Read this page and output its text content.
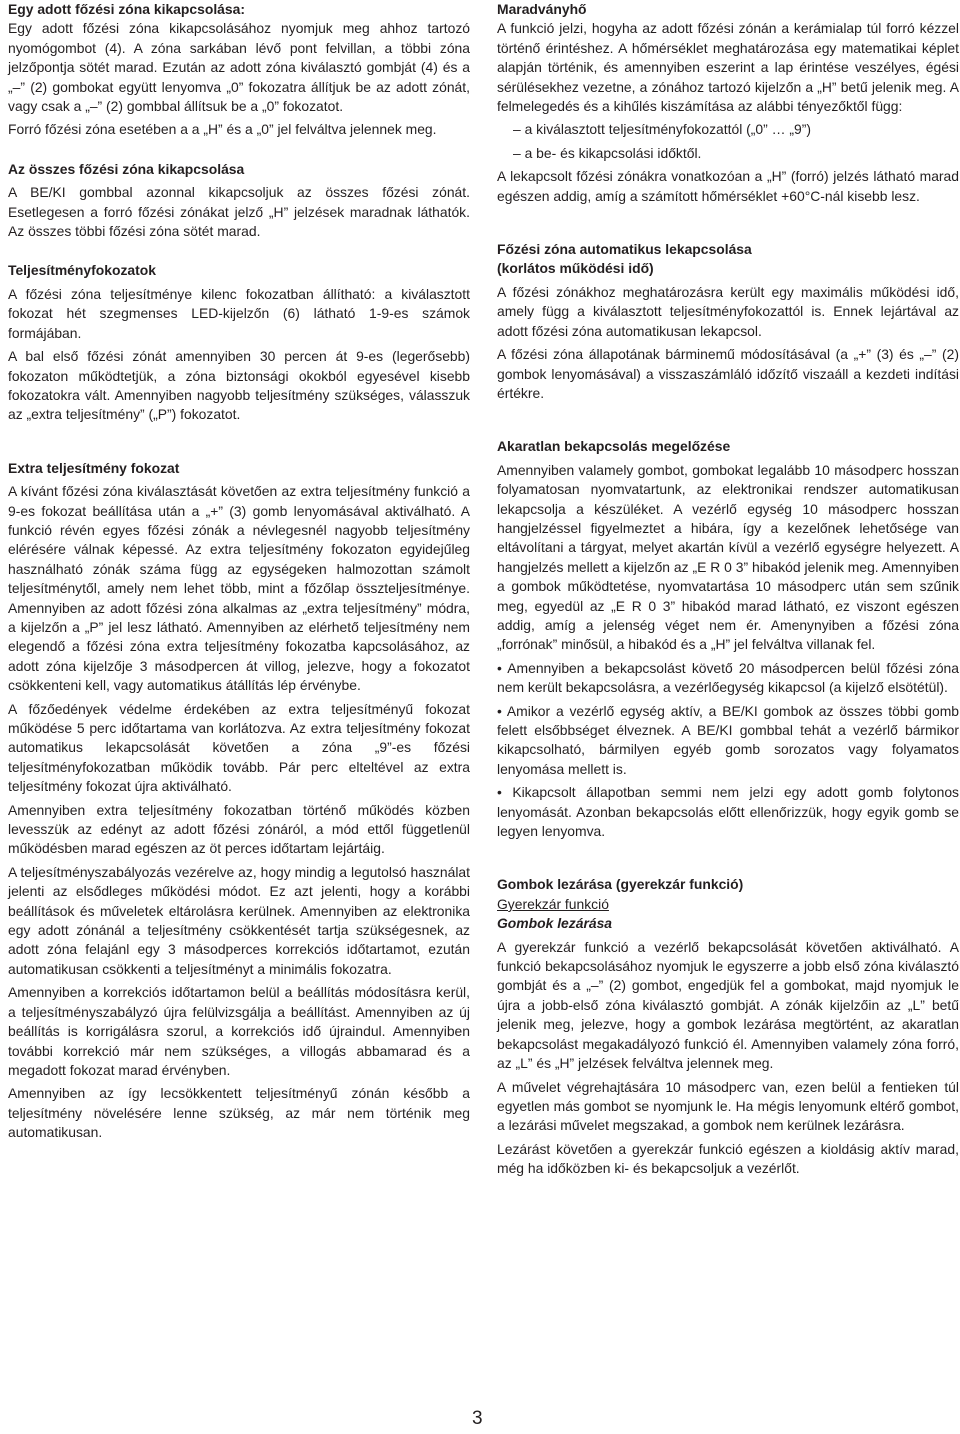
Egy adott főzési zóna kikapcsolása:

Egy adott főzési zóna kikapcsolásához nyomjuk meg ahhoz tartozó nyomógombot (4). A zóna sarkában lévő pont felvillan, a többi zóna jelzőpontja sötét marad. Ezután az adott zóna kiválasztó gombját (4) és a „–” (2) gombokat együtt lenyomva „0” fokozatra állítjuk be az adott zónát, vagy csak a „–” (2) gombbal állítsuk be a „0” fokozatot.

Forró főzési zóna esetében a a „H” és a „0” jel felváltva jelennek meg.

Az összes főzési zóna kikapcsolása

A BE/KI gombbal azonnal kikapcsoljuk az összes főzési zónát. Esetlegesen a forró főzési zónákat jelző „H” jelzések maradnak láthatók. Az összes többi főzési zóna sötét marad.

Teljesítményfokozatok

A főzési zóna teljesítménye kilenc fokozatban állítható: a kiválasztott fokozat hét szegmenses LED-kijelzőn (6) látható 1-9-es számok formájában.

A bal első főzési zónát amennyiben 30 percen át 9-es (legerősebb) fokozaton működtetjük, a zóna biztonsági okokból egyesével kisebb fokozatokra vált. Amennyiben nagyobb teljesítmény szükséges, válasszuk az „extra teljesítmény” („P”) fokozatot.

Extra teljesítmény fokozat

A kívánt főzési zóna kiválasztását követően az extra teljesítmény funkció a 9-es fokozat beállítása után a „+” (3) gomb lenyomásával aktiválható. A funkció révén egyes főzési zónák a névlegesnél nagyobb teljesítmény elérésére válnak képessé. Az extra teljesítmény fokozaton egyidejűleg használható zónák száma függ az egységeken halmozottan számolt teljesítménytől, amely nem lehet több, mint a főzőlap összteljesítménye. Amennyiben az adott főzési zóna alkalmas az „extra teljesítmény” módra, a kijelzőn a „P” jel lesz látható. Amennyiben az elérhető teljesítmény nem elegendő a főzési zóna extra teljesítmény fokozatba kapcsolásához, az adott zóna kijelzője 3 másodpercen át villog, jelezve, hogy a fokozatot csökkenteni kell, vagy automatikus átállítás lép érvénybe.

A főzőedények védelme érdekében az extra teljesítményű fokozat működése 5 perc időtartama van korlátozva. Az extra teljesítmény fokozat automatikus lekapcsolását követően a zóna „9”-es főzési teljesítményfokozatban működik tovább. Pár perc elteltével az extra teljesítmény fokozat újra aktiválható.

Amennyiben extra teljesítmény fokozatban történő működés közben levesszük az edényt az adott főzési zónáról, a mód ettől függetlenül működésben marad egészen az öt perces időtartam lejártáig.

A teljesítményszabályozás vezérelve az, hogy mindig a legutolsó használat jelenti az elsődleges működési módot. Ez azt jelenti, hogy a korábbi beállítások és műveletek eltárolásra kerülnek. Amennyiben az elektronika egy adott zónánál a teljesítmény csökkentését tartja szükségesnek, az adott zóna felajánl egy 3 másodperces korrekciós időtartamot, ezután automatikusan csökkenti a teljesítményt a minimális fokozatra.

Amennyiben a korrekciós időtartamon belül a beállítás módosításra kerül, a teljesítményszabályzó újra felülvizsgálja a beállítást. Amennyiben az új beállítás is korrigálásra szorul, a korrekciós idő újraindul. Amennyiben további korrekció már nem szükséges, a villogás abbamarad és a megadott fokozat marad érvényben.

Amennyiben az így lecsökkentett teljesítményű zónán később a teljesítmény növelésére lenne szükség, az már nem történik meg automatikusan.

Maradványhő

A funkció jelzi, hogyha az adott főzési zónán a kerámialap túl forró kézzel történő érintéshez. A hőmérséklet meghatározása egy matematikai képlet alapján történik, és amennyiben eszerint a lap érintése veszélyes, égési sérülésekhez vezetne, a zónához tartozó kijelzőn a „H” betű jelenik meg. A felmelegedés és a kihűlés kiszámítása az alábbi tényezőktől függ:

– a kiválasztott teljesítményfokozattól („0” … „9”)

– a be- és kikapcsolási időktől.

A lekapcsolt főzési zónákra vonatkozóan a „H” (forró) jelzés látható marad egészen addig, amíg a számított hőmérséklet +60°C-nál kisebb lesz.

Főzési zóna automatikus lekapcsolása

(korlátos működési idő)

A főzési zónákhoz meghatározásra került egy maximális működési idő, amely függ a kiválasztott teljesítményfokozattól is. Ennek lejártával az adott főzési zóna automatikusan lekapcsol.

A főzési zóna állapotának bárminemű módosításával (a „+” (3) és „–” (2) gombok lenyomásával) a visszaszámláló időzítő viszaáll a kezdeti indítási értékre.

Akaratlan bekapcsolás megelőzése

Amennyiben valamely gombot, gombokat legalább 10 másodperc hosszan folyamatosan nyomvatartunk, az elektronikai rendszer automatikusan lekapcsolja a készüléket. A vezérlő egység 10 másodperc hosszan hangjelzéssel figyelmeztet a hibára, így a kezelőnek lehetősége van eltávolítani a tárgyat, melyet akartán kívül a vezérlő egységre helyezett. A hangjelzés mellett a kijelzőn az „E R 0 3” hibakód jelenik meg. Amennyiben a gombok működtetése, nyomvatartása 10 másodperc után sem szűnik meg, egyedül az „E R 0 3” hibakód marad látható, ez viszont egészen addig, amíg a jelenség véget nem ér. Amenynyiben a főzési zóna „forrónak” minősül, a hibakód és a „H” jel felváltva villanak fel.

• Amennyiben a bekapcsolást követő 20 másodpercen belül főzési zóna nem került bekapcsolásra, a vezérlőegység kikapcsol (a kijelző elsötétül).

• Amikor a vezérlő egység aktív, a BE/KI gombok az összes többi gomb felett elsőbbséget élveznek. A BE/KI gombbal tehát a vezérlő bármikor kikapcsolható, bármilyen egyéb gomb sorozatos vagy folyamatos lenyomása mellett is.

• Kikapcsolt állapotban semmi nem jelzi egy adott gomb folytonos lenyomását. Azonban bekapcsolás előtt ellenőrizzük, hogy egyik gomb se legyen lenyomva.

Gombok lezárása (gyerekzár funkció)

Gyerekzár funkció

Gombok lezárása

A gyerekzár funkció a vezérlő bekapcsolását követően aktiválható. A funkció bekapcsolásához nyomjuk le egyszerre a jobb első zóna kiválasztó gombját és a „–” (2) gombot, engedjük fel a gombokat, majd nyomjuk le újra a jobb-első zóna kiválasztó gombját. A zónák kijelzőin az „L” betű jelenik meg, jelezve, hogy a gombok lezárása megtörtént, az akaratlan bekapcsolást megakadályozó funkció él. Amennyiben valamely zóna forró, az „L” és „H” jelzések felváltva jelennek meg.

A művelet végrehajtására 10 másodperc van, ezen belül a fentieken túl egyetlen más gombot se nyomjunk le. Ha mégis lenyomunk eltérő gombot, a lezárási művelet megszakad, a gombok nem kerülnek lezárásra.

Lezárást követően a gyerekzár funkció egészen a kioldásig aktív marad, még ha időközben ki- és bekapcsoljuk a vezérlőt.

3
